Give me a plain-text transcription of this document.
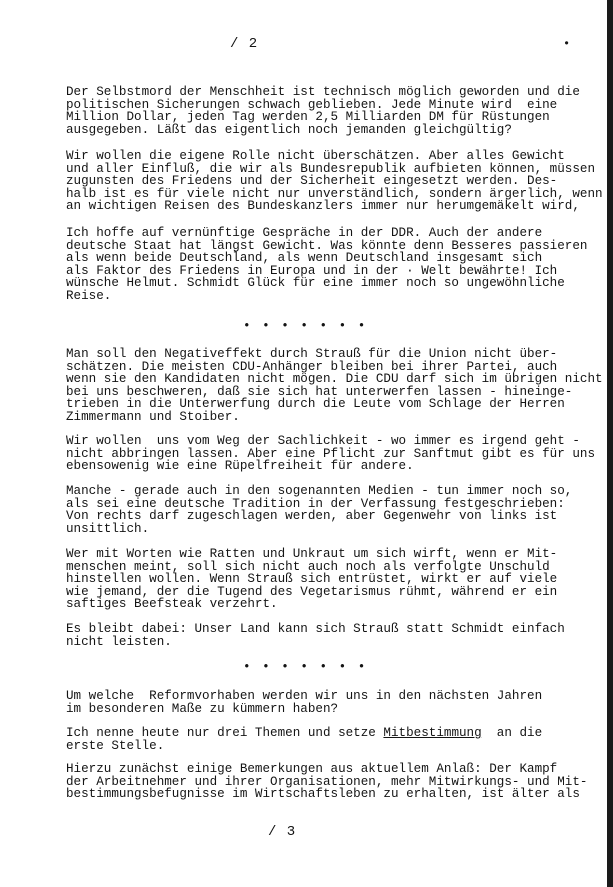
/ 2	•

Der Selbstmord der Menschheit ist technisch möglich geworden und die
politischen Sicherungen schwach geblieben. Jede Minute wird  eine
Million Dollar, jeden Tag werden 2,5 Milliarden DM für Rüstungen
ausgegeben. Läßt das eigentlich noch jemanden gleichgültig?

Wir wollen die eigene Rolle nicht überschätzen. Aber alles Gewicht
und aller Einfluß, die wir als Bundesrepublik aufbieten können, müssen
zugunsten des Friedens und der Sicherheit eingesetzt werden. Des-
halb ist es für viele nicht nur unverständlich, sondern ärgerlich, wenn
an wichtigen Reisen des Bundeskanzlers immer nur herumgemäkelt wird,

Ich hoffe auf vernünftige Gespräche in der DDR. Auch der andere
deutsche Staat hat längst Gewicht. Was könnte denn Besseres passieren
als wenn beide Deutschland, als wenn Deutschland insgesamt sich
als Faktor des Friedens in Europa und in der · Welt bewährte! Ich
wünsche Helmut. Schmidt Glück für eine immer noch so ungewöhnliche
Reise.

• • • • • • •

Man soll den Negativeffekt durch Strauß für die Union nicht über-
schätzen. Die meisten CDU-Anhänger bleiben bei ihrer Partei, auch
wenn sie den Kandidaten nicht mögen. Die CDU darf sich im übrigen nicht
bei uns beschweren, daß sie sich hat unterwerfen lassen - hineinge-
trieben in die Unterwerfung durch die Leute vom Schlage der Herren
Zimmermann und Stoiber.

Wir wollen  uns vom Weg der Sachlichkeit - wo immer es irgend geht -
nicht abbringen lassen. Aber eine Pflicht zur Sanftmut gibt es für uns
ebensowenig wie eine Rüpelfreiheit für andere.

Manche - gerade auch in den sogenannten Medien - tun immer noch so,
als sei eine deutsche Tradition in der Verfassung festgeschrieben:
Von rechts darf zugeschlagen werden, aber Gegenwehr von links ist
unsittlich.

Wer mit Worten wie Ratten und Unkraut um sich wirft, wenn er Mit-
menschen meint, soll sich nicht auch noch als verfolgte Unschuld
hinstellen wollen. Wenn Strauß sich entrüstet, wirkt er auf viele
wie jemand, der die Tugend des Vegetarismus rühmt, während er ein
saftiges Beefsteak verzehrt.

Es bleibt dabei: Unser Land kann sich Strauß statt Schmidt einfach
nicht leisten.

• • • • • • •

Um welche  Reformvorhaben werden wir uns in den nächsten Jahren
im besonderen Maße zu kümmern haben?

Ich nenne heute nur drei Themen und setze Mitbestimmung  an die
erste Stelle.

Hierzu zunächst einige Bemerkungen aus aktuellem Anlaß: Der Kampf
der Arbeitnehmer und ihrer Organisationen, mehr Mitwirkungs- und Mit-
bestimmungsbefugnisse im Wirtschaftsleben zu erhalten, ist älter als

/ 3
